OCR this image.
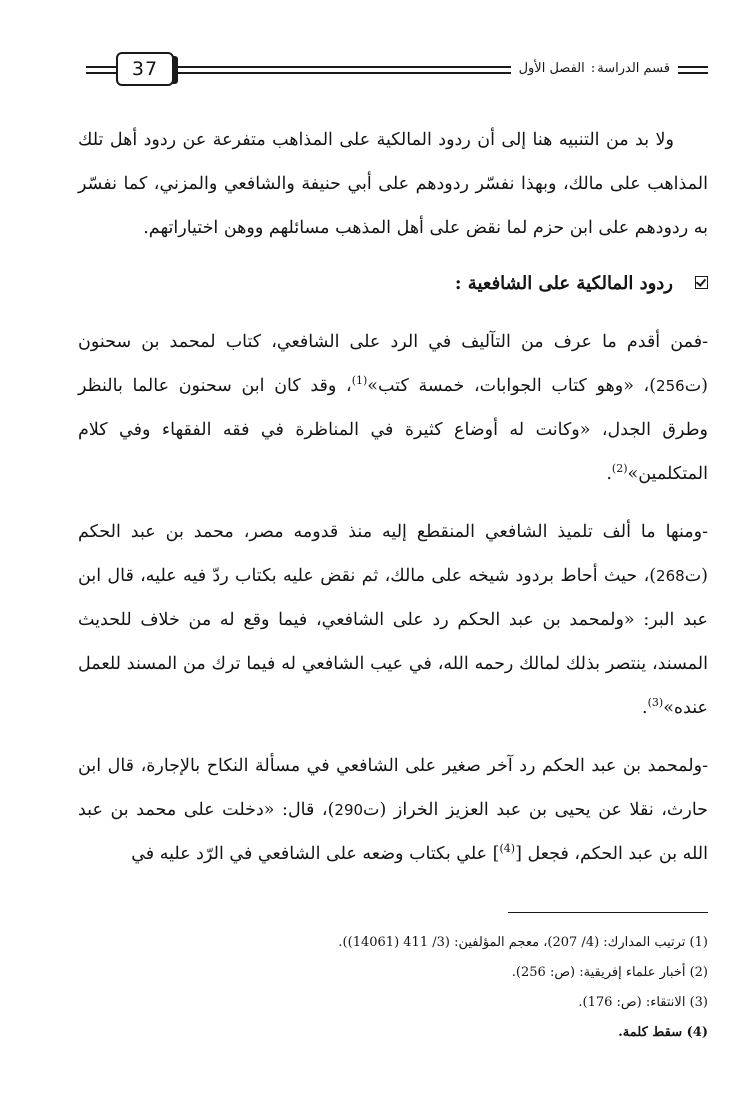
37	قسم الدراسة: الفصل الأول

ولا بد من التنبيه هنا إلى أن ردود المالكية على المذاهب متفرعة عن ردود أهل تلك المذاهب على مالك، وبهذا نفسّر ردودهم على أبي حنيفة والشافعي والمزني، كما نفسّر به ردودهم على ابن حزم لما نقض على أهل المذهب مسائلهم ووهن اختياراتهم.

ردود المالكية على الشافعية :

-فمن أقدم ما عرف من التآليف في الرد على الشافعي، كتاب لمحمد بن سحنون (ت256)، «وهو كتاب الجوابات، خمسة كتب»$^{(1)}$، وقد كان ابن سحنون عالما بالنظر وطرق الجدل، «وكانت له أوضاع كثيرة في المناظرة في فقه الفقهاء وفي كلام المتكلمين»$^{(2)}$.

-ومنها ما ألف تلميذ الشافعي المنقطع إليه منذ قدومه مصر، محمد بن عبد الحكم (ت268)، حيث أحاط بردود شيخه على مالك، ثم نقض عليه بكتاب ردّ فيه عليه، قال ابن عبد البر: «ولمحمد بن عبد الحكم رد على الشافعي، فيما وقع له من خلاف للحديث المسند، ينتصر بذلك لمالك رحمه الله، في عيب الشافعي له فيما ترك من المسند للعمل عنده»$^{(3)}$.

-ولمحمد بن عبد الحكم رد آخر صغير على الشافعي في مسألة النكاح بالإجارة، قال ابن حارث، نقلا عن يحيى بن عبد العزيز الخراز (ت290)، قال: «دخلت على محمد بن عبد الله بن عبد الحكم، فجعل [$^{(4)}$] علي بكتاب وضعه على الشافعي في الرّد عليه في

(1) ترتيب المدارك: (4/ 207)، معجم المؤلفين: (3/ 411 (14061)).
(2) أخبار علماء إفريقية: (ص: 256).
(3) الانتقاء: (ص: 176).
(4) سقط كلمة.
